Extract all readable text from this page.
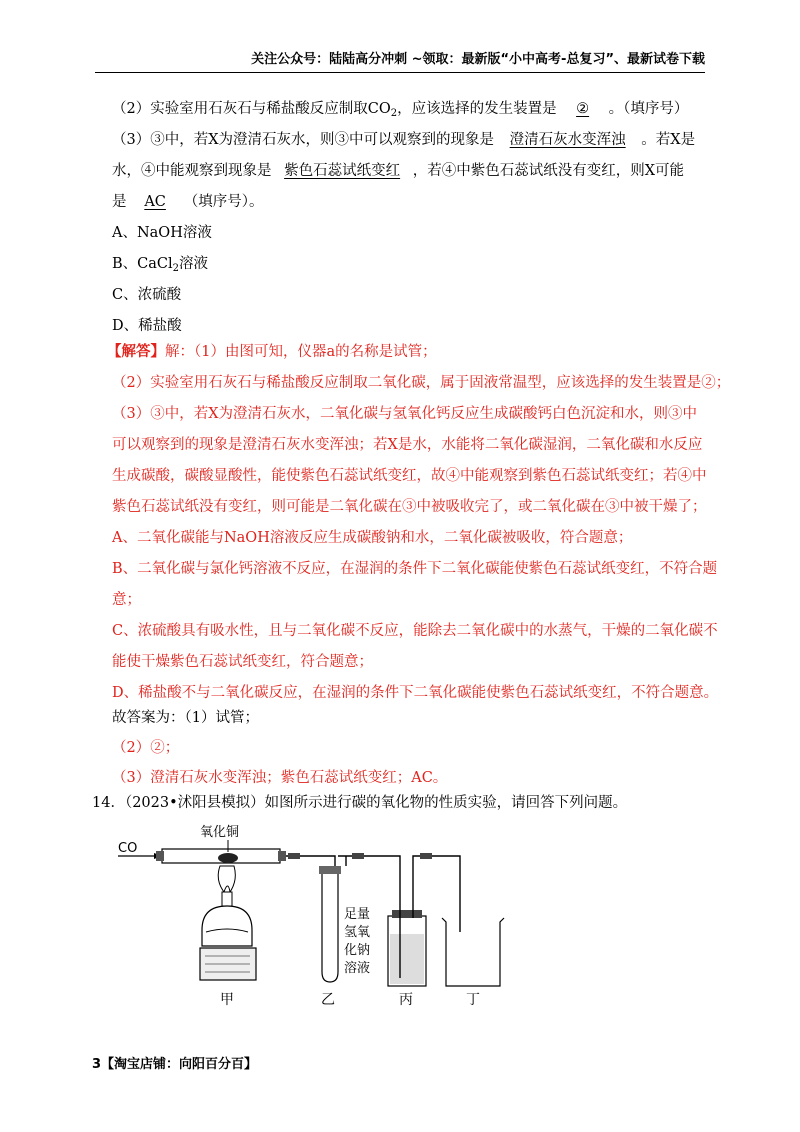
关注公众号：陆陆高分冲刺 ~领取：最新版“小中高考-总复习”、最新试卷下载
（2）实验室用石灰石与稀盐酸反应制取$CO_2$，应该选择的发生装置是 ② 。（填序号）
（3）③中，若X为澄清石灰水，则③中可以观察到的现象是 澄清石灰水变浑浊 。若X是
水，④中能观察到现象是 紫色石蕊试纸变红 ，若④中紫色石蕊试纸没有变红，则X可能
是 AC （填序号）。
A、NaOH溶液
B、CaCl$_2$溶液
C、浓硫酸
D、稀盐酸
【解答】解：（1）由图可知，仪器a的名称是试管；
（2）实验室用石灰石与稀盐酸反应制取二氧化碳，属于固液常温型，应该选择的发生装置是②；
（3）③中，若X为澄清石灰水，二氧化碳与氢氧化钙反应生成碳酸钙白色沉淀和水，则③中
可以观察到的现象是澄清石灰水变浑浊；若X是水，水能将二氧化碳湿润，二氧化碳和水反应
生成碳酸，碳酸显酸性，能使紫色石蕊试纸变红，故④中能观察到紫色石蕊试纸变红；若④中
紫色石蕊试纸没有变红，则可能是二氧化碳在③中被吸收完了，或二氧化碳在③中被干燥了；
A、二氧化碳能与NaOH溶液反应生成碳酸钠和水，二氧化碳被吸收，符合题意；
B、二氧化碳与氯化钙溶液不反应，在湿润的条件下二氧化碳能使紫色石蕊试纸变红，不符合题
意；
C、浓硫酸具有吸水性，且与二氧化碳不反应，能除去二氧化碳中的水蒸气，干燥的二氧化碳不
能使干燥紫色石蕊试纸变红，符合题意；
D、稀盐酸不与二氧化碳反应，在湿润的条件下二氧化碳能使紫色石蕊试纸变红，不符合题意。
故答案为：（1）试管；
（2）②；
（3）澄清石灰水变浑浊；紫色石蕊试纸变红；AC。
14．（2023•沭阳县模拟）如图所示进行碳的氧化物的性质实验，请回答下列问题。
CO
氧化铜
甲	乙
足量
氢氧
化钠
溶液
丙	丁
3【淘宝店铺：向阳百分百】
